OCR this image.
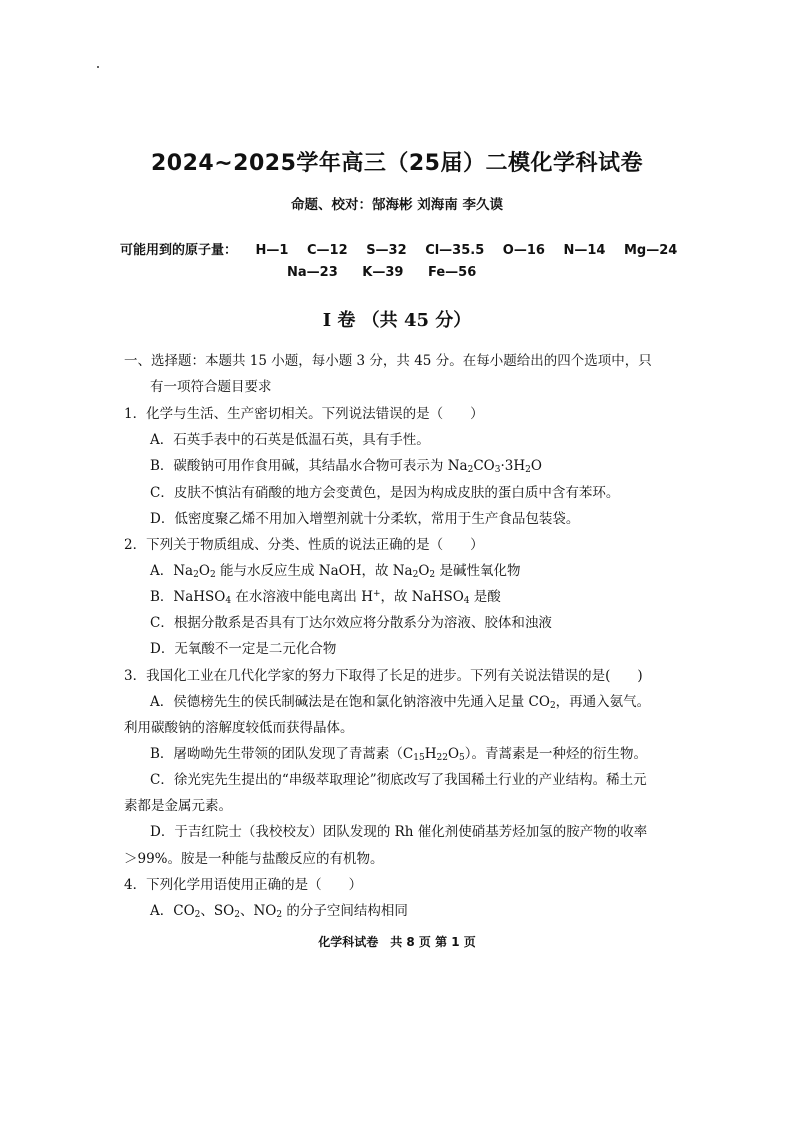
2024~2025学年高三（25届）二模化学科试卷
命题、校对：郜海彬 刘海南 李久谟
可能用到的原子量： H—1 C—12 S—32 Cl—35.5 O—16 N—14 Mg—24
Na—23 K—39 Fe—56
I 卷 （共 45 分）
一、选择题：本题共 15 小题，每小题 3 分，共 45 分。在每小题给出的四个选项中，只
有一项符合题目要求
1．化学与生活、生产密切相关。下列说法错误的是（　　）
A．石英手表中的石英是低温石英，具有手性。
B．碳酸钠可用作食用碱，其结晶水合物可表示为 $Na_2CO_3\cdot 3H_2O$
C．皮肤不慎沾有硝酸的地方会变黄色，是因为构成皮肤的蛋白质中含有苯环。
D．低密度聚乙烯不用加入增塑剂就十分柔软，常用于生产食品包装袋。
2．下列关于物质组成、分类、性质的说法正确的是（　　）
A．$Na_2O_2$ 能与水反应生成 NaOH，故 $Na_2O_2$ 是碱性氧化物
B．NaHSO$_4$ 在水溶液中能电离出 H+，故 NaHSO$_4$ 是酸
C．根据分散系是否具有丁达尔效应将分散系分为溶液、胶体和浊液
D．无氧酸不一定是二元化合物
3．我国化工业在几代化学家的努力下取得了长足的进步。下列有关说法错误的是(　　)
A．侯德榜先生的侯氏制碱法是在饱和氯化钠溶液中先通入足量 $CO_2$，再通入氨气。
利用碳酸钠的溶解度较低而获得晶体。
B．屠呦呦先生带领的团队发现了青蒿素$(C_{15}H_{22}O_5)$。青蒿素是一种烃的衍生物。
C．徐光宪先生提出的“串级萃取理论”彻底改写了我国稀土行业的产业结构。稀土元
素都是金属元素。
D．于吉红院士（我校校友）团队发现的 Rh 催化剂使硝基芳烃加氢的胺产物的收率
＞99%。胺是一种能与盐酸反应的有机物。
4．下列化学用语使用正确的是（　　）
A．$CO_2$、$SO_2$、$NO_2$ 的分子空间结构相同
化学科试卷　共 8 页 第 1 页
